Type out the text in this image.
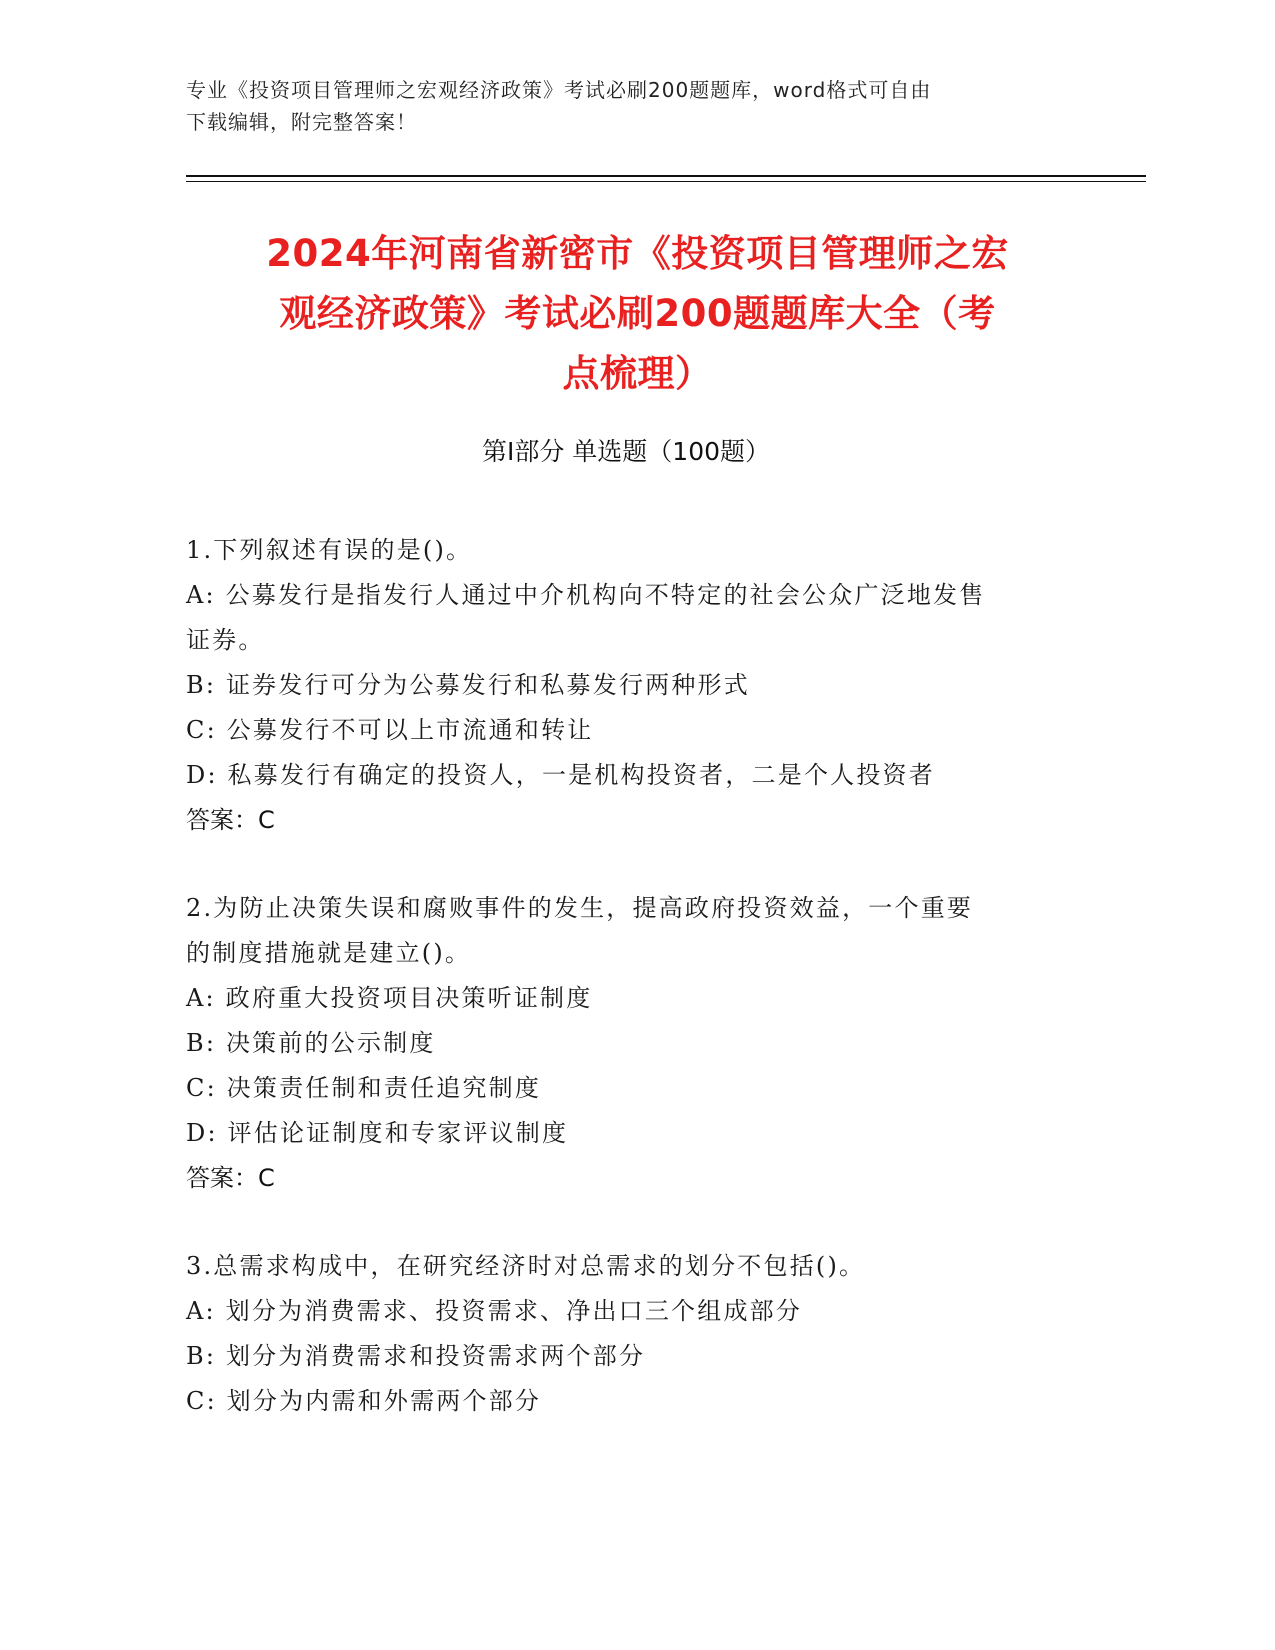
专业《投资项目管理师之宏观经济政策》考试必刷200题题库，word格式可自由
下载编辑，附完整答案！
2024年河南省新密市《投资项目管理师之宏
观经济政策》考试必刷200题题库大全（考
点梳理）
第Ⅰ部分 单选题（100题）
1.下列叙述有误的是()。
A: 公募发行是指发行人通过中介机构向不特定的社会公众广泛地发售
证券。
B: 证券发行可分为公募发行和私募发行两种形式
C: 公募发行不可以上市流通和转让
D: 私募发行有确定的投资人，一是机构投资者，二是个人投资者
答案：C
2.为防止决策失误和腐败事件的发生，提高政府投资效益，一个重要
的制度措施就是建立()。
A: 政府重大投资项目决策听证制度
B: 决策前的公示制度
C: 决策责任制和责任追究制度
D: 评估论证制度和专家评议制度
答案：C
3.总需求构成中，在研究经济时对总需求的划分不包括()。
A: 划分为消费需求、投资需求、净出口三个组成部分
B: 划分为消费需求和投资需求两个部分
C: 划分为内需和外需两个部分
